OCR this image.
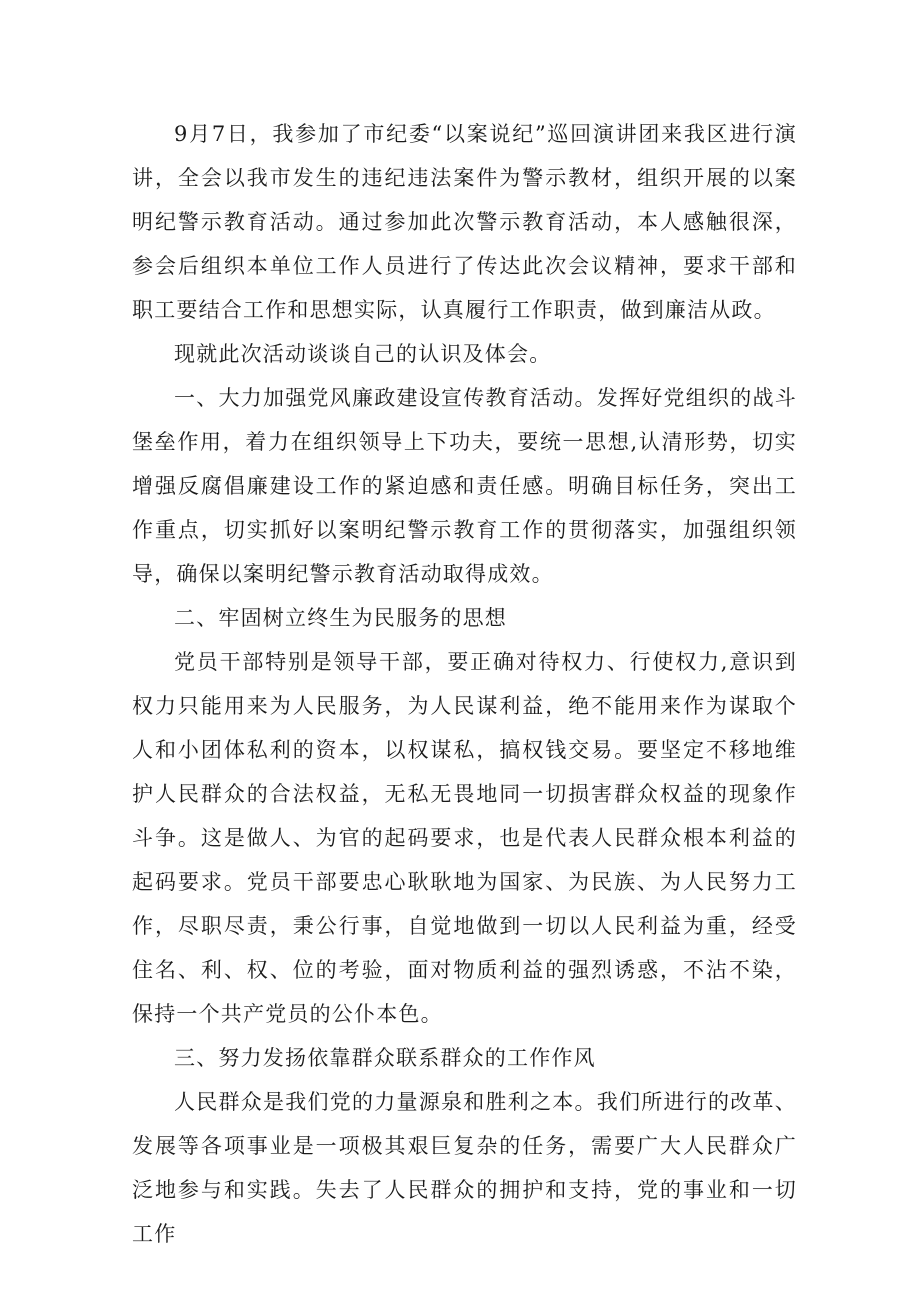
9月7日，我参加了市纪委“以案说纪”巡回演讲团来我区进行演讲，全会以我市发生的违纪违法案件为警示教材，组织开展的以案明纪警示教育活动。通过参加此次警示教育活动，本人感触很深，参会后组织本单位工作人员进行了传达此次会议精神，要求干部和职工要结合工作和思想实际，认真履行工作职责，做到廉洁从政。

现就此次活动谈谈自己的认识及体会。

一、大力加强党风廉政建设宣传教育活动。发挥好党组织的战斗堡垒作用，着力在组织领导上下功夫，要统一思想,认清形势，切实增强反腐倡廉建设工作的紧迫感和责任感。明确目标任务，突出工作重点，切实抓好以案明纪警示教育工作的贯彻落实，加强组织领导，确保以案明纪警示教育活动取得成效。

二、牢固树立终生为民服务的思想

党员干部特别是领导干部，要正确对待权力、行使权力,意识到权力只能用来为人民服务，为人民谋利益，绝不能用来作为谋取个人和小团体私利的资本，以权谋私，搞权钱交易。要坚定不移地维护人民群众的合法权益，无私无畏地同一切损害群众权益的现象作斗争。这是做人、为官的起码要求，也是代表人民群众根本利益的起码要求。党员干部要忠心耿耿地为国家、为民族、为人民努力工作，尽职尽责，秉公行事，自觉地做到一切以人民利益为重，经受住名、利、权、位的考验，面对物质利益的强烈诱惑，不沾不染，保持一个共产党员的公仆本色。

三、努力发扬依靠群众联系群众的工作作风

人民群众是我们党的力量源泉和胜利之本。我们所进行的改革、发展等各项事业是一项极其艰巨复杂的任务，需要广大人民群众广泛地参与和实践。失去了人民群众的拥护和支持，党的事业和一切工作
